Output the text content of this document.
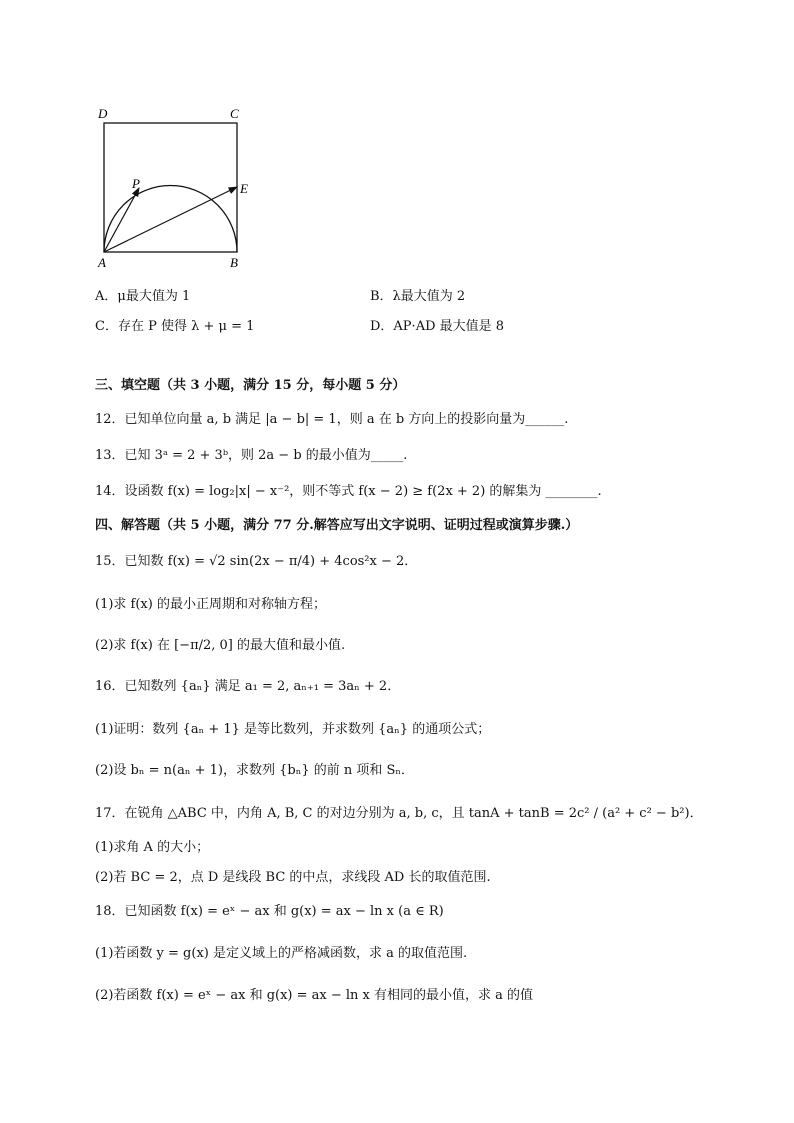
D	C
P	E
A	B
A．μ最大值为 1	B．λ最大值为 2
C．存在 P 使得 λ + μ = 1	D．AP·AD 最大值是 8
三、填空题（共 3 小题，满分 15 分，每小题 5 分）
12．已知单位向量 a, b 满足 |a − b| = 1，则 a 在 b 方向上的投影向量为______.
13．已知 3ᵃ = 2 + 3ᵇ，则 2a − b 的最小值为_____.
14．设函数 f(x) = log₂|x| − x⁻²，则不等式 f(x − 2) ≥ f(2x + 2) 的解集为 ________.
四、解答题（共 5 小题，满分 77 分.解答应写出文字说明、证明过程或演算步骤.）
15．已知数 f(x) = √2 sin(2x − π/4) + 4cos²x − 2．
(1)求 f(x) 的最小正周期和对称轴方程；
(2)求 f(x) 在 [−π/2, 0] 的最大值和最小值.
16．已知数列 {aₙ} 满足 a₁ = 2, aₙ₊₁ = 3aₙ + 2．
(1)证明：数列 {aₙ + 1} 是等比数列，并求数列 {aₙ} 的通项公式；
(2)设 bₙ = n(aₙ + 1)，求数列 {bₙ} 的前 n 项和 Sₙ．
17．在锐角 △ABC 中，内角 A, B, C 的对边分别为 a, b, c，且 tanA + tanB = 2c² / (a² + c² − b²)．
(1)求角 A 的大小；
(2)若 BC = 2，点 D 是线段 BC 的中点，求线段 AD 长的取值范围.
18．已知函数 f(x) = eˣ − ax 和 g(x) = ax − ln x (a ∈ R)
(1)若函数 y = g(x) 是定义域上的严格减函数，求 a 的取值范围.
(2)若函数 f(x) = eˣ − ax 和 g(x) = ax − ln x 有相同的最小值，求 a 的值
